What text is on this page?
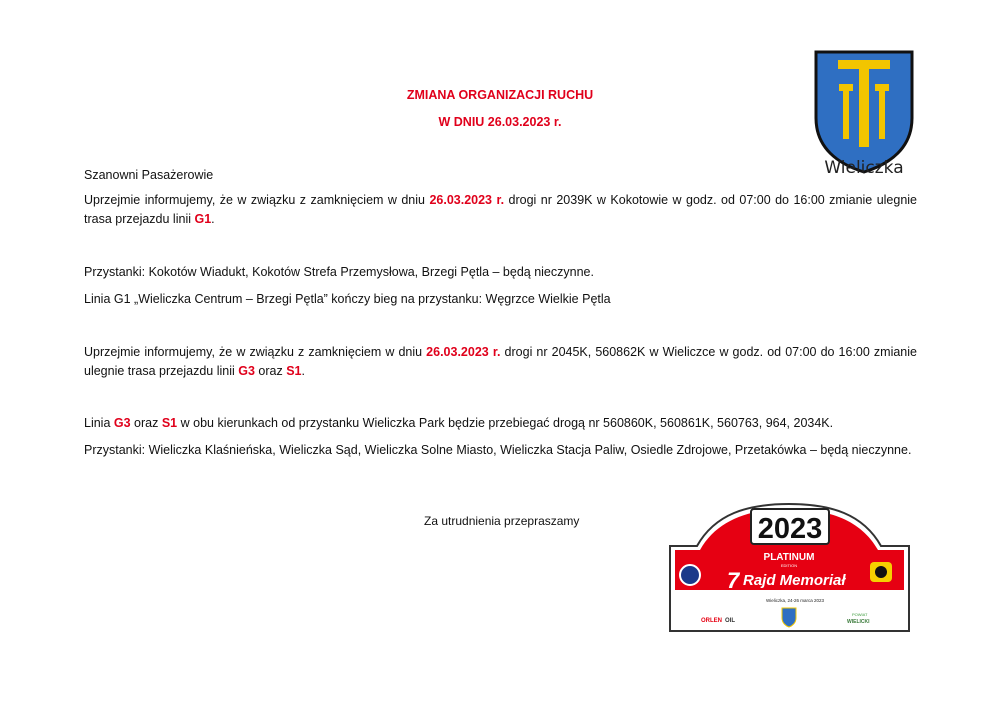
ZMIANA ORGANIZACJI RUCHU
W DNIU 26.03.2023 r.
Wieliczka
Szanowni Pasażerowie
Uprzejmie informujemy, że w związku z zamknięciem w dniu 26.03.2023 r. drogi nr 2039K w Kokotowie w godz. od 07:00 do 16:00 zmianie ulegnie trasa przejazdu linii G1.
Przystanki: Kokotów Wiadukt, Kokotów Strefa Przemysłowa, Brzegi Pętla – będą nieczynne.
Linia G1 „Wieliczka Centrum – Brzegi Pętla” kończy bieg na przystanku: Węgrzce Wielkie Pętla
Uprzejmie informujemy, że w związku z zamknięciem w dniu 26.03.2023 r. drogi nr 2045K, 560862K w Wieliczce w godz. od 07:00 do 16:00 zmianie ulegnie trasa przejazdu linii G3 oraz S1.
Linia G3 oraz S1 w obu kierunkach od przystanku Wieliczka Park będzie przebiegać drogą nr 560860K, 560861K, 560763, 964, 2034K.
Przystanki: Wieliczka Klaśnieńska, Wieliczka Sąd, Wieliczka Solne Miasto, Wieliczka Stacja Paliw, Osiedle Zdrojowe, Przetakówka – będą nieczynne.
Za utrudnienia przepraszamy	2023
PLATINUM
EDITION
7 Rajd Memoriał
Janusza Kulig i Mariana Bublewicza
Wieliczka, 24-26 marca 2023
ORLEN OIL
POWIAT
WIELICKI
